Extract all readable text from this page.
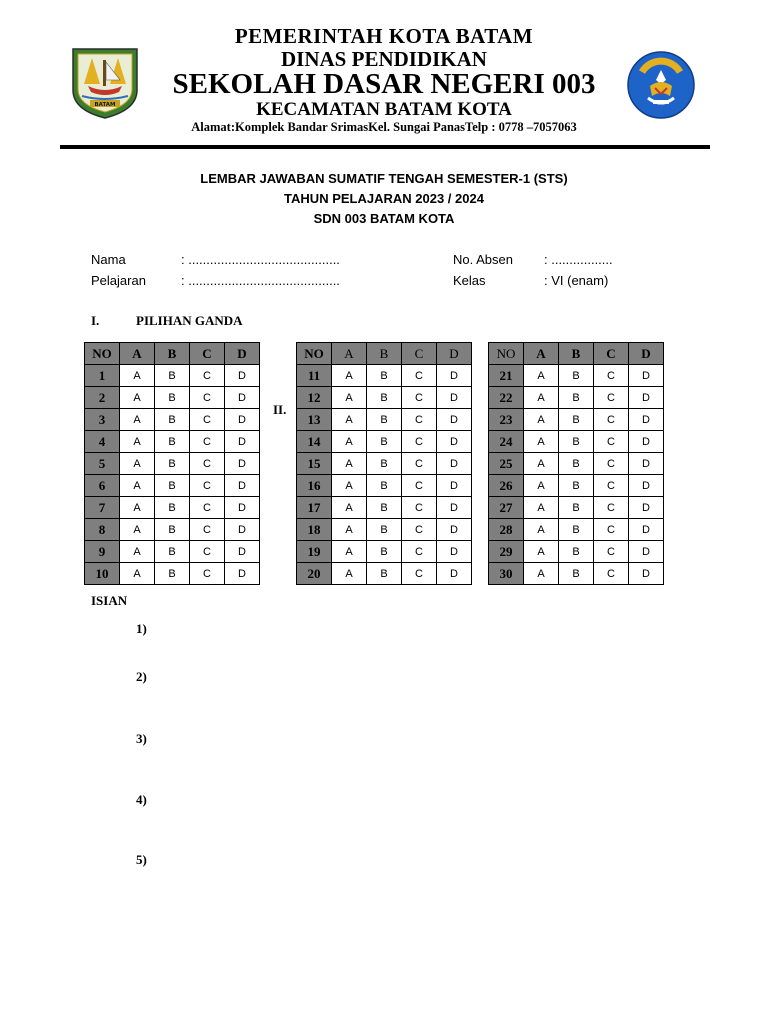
BATAM
PEMERINTAH KOTA BATAM
DINAS PENDIDIKAN
SEKOLAH DASAR NEGERI 003
KECAMATAN BATAM KOTA
Alamat:Komplek Bandar SrimasKel. Sungai PanasTelp : 0778 –7057063
LEMBAR JAWABAN SUMATIF TENGAH SEMESTER-1 (STS)
TAHUN PELAJARAN 2023 / 2024
SDN 003 BATAM KOTA
Nama	: ..........................................
Pelajaran	: ..........................................
No. Absen : .................
Kelas	: VI (enam)
I.	PILIHAN GANDA
NO	A	B	C	D
1	A	B	C	D
2	A	B	C	D
3	A	B	C	D
4	A	B	C	D
5	A	B	C	D
6	A	B	C	D
7	A	B	C	D
8	A	B	C	D
9	A	B	C	D
10	A	B	C	D
II.
NO	A	B	C	D
11	A	B	C	D
12	A	B	C	D
13	A	B	C	D
14	A	B	C	D
15	A	B	C	D
16	A	B	C	D
17	A	B	C	D
18	A	B	C	D
19	A	B	C	D
20	A	B	C	D
NO	A	B	C	D
21	A	B	C	D
22	A	B	C	D
23	A	B	C	D
24	A	B	C	D
25	A	B	C	D
26	A	B	C	D
27	A	B	C	D
28	A	B	C	D
29	A	B	C	D
30	A	B	C	D
ISIAN
1)
2)
3)
4)
5)
